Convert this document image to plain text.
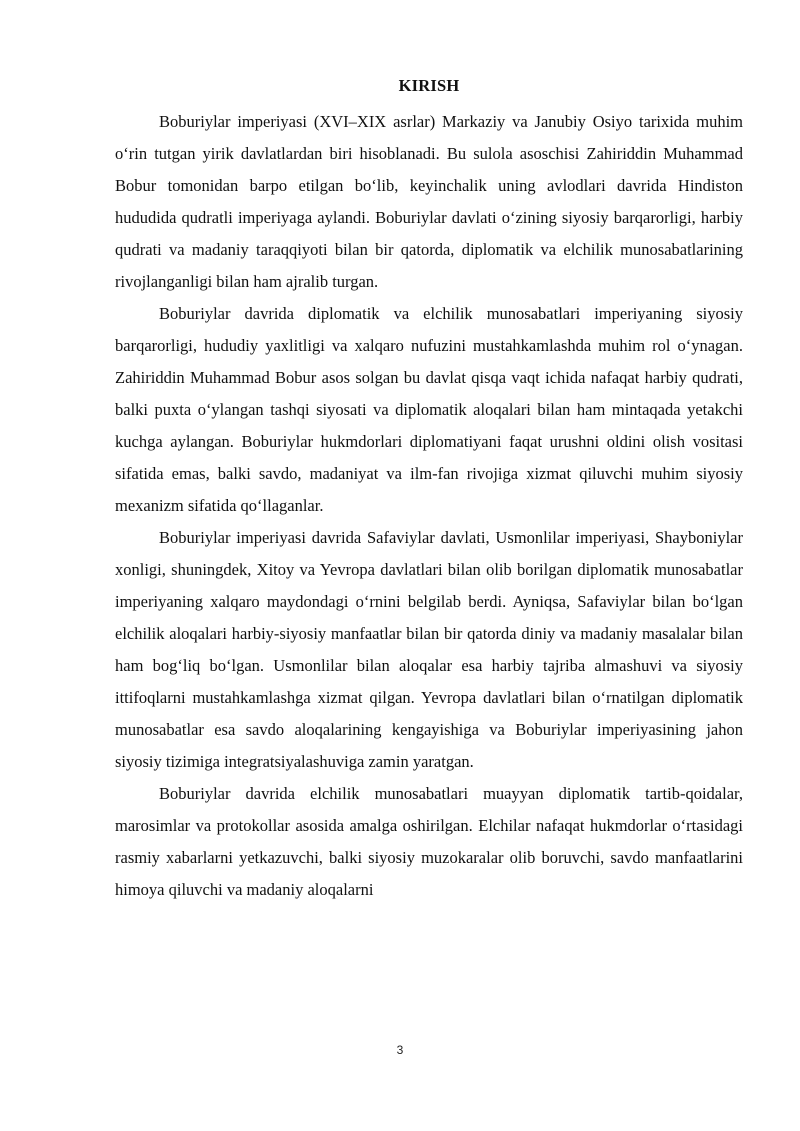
KIRISH

Boburiylar imperiyasi (XVI–XIX asrlar) Markaziy va Janubiy Osiyo tarixida muhim oʻrin tutgan yirik davlatlardan biri hisoblanadi. Bu sulola asoschisi Zahiriddin Muhammad Bobur tomonidan barpo etilgan boʻlib, keyinchalik uning avlodlari davrida Hindiston hududida qudratli imperiyaga aylandi. Boburiylar davlati oʻzining siyosiy barqarorligi, harbiy qudrati va madaniy taraqqiyoti bilan bir qatorda, diplomatik va elchilik munosabatlarining rivojlanganligi bilan ham ajralib turgan.

Boburiylar davrida diplomatik va elchilik munosabatlari imperiyaning siyosiy barqarorligi, hududiy yaxlitligi va xalqaro nufuzini mustahkamlashda muhim rol oʻynagan. Zahiriddin Muhammad Bobur asos solgan bu davlat qisqa vaqt ichida nafaqat harbiy qudrati, balki puxta oʻylangan tashqi siyosati va diplomatik aloqalari bilan ham mintaqada yetakchi kuchga aylangan. Boburiylar hukmdorlari diplomatiyani faqat urushni oldini olish vositasi sifatida emas, balki savdo, madaniyat va ilm-fan rivojiga xizmat qiluvchi muhim siyosiy mexanizm sifatida qoʻllaganlar.

Boburiylar imperiyasi davrida Safaviylar davlati, Usmonlilar imperiyasi, Shayboniylar xonligi, shuningdek, Xitoy va Yevropa davlatlari bilan olib borilgan diplomatik munosabatlar imperiyaning xalqaro maydondagi oʻrnini belgilab berdi. Ayniqsa, Safaviylar bilan boʻlgan elchilik aloqalari harbiy-siyosiy manfaatlar bilan bir qatorda diniy va madaniy masalalar bilan ham bogʻliq boʻlgan. Usmonlilar bilan aloqalar esa harbiy tajriba almashuvi va siyosiy ittifoqlarni mustahkamlashga xizmat qilgan. Yevropa davlatlari bilan oʻrnatilgan diplomatik munosabatlar esa savdo aloqalarining kengayishiga va Boburiylar imperiyasining jahon siyosiy tizimiga integratsiyalashuviga zamin yaratgan.

Boburiylar davrida elchilik munosabatlari muayyan diplomatik tartib-qoidalar, marosimlar va protokollar asosida amalga oshirilgan. Elchilar nafaqat hukmdorlar oʻrtasidagi rasmiy xabarlarni yetkazuvchi, balki siyosiy muzokaralar olib boruvchi, savdo manfaatlarini himoya qiluvchi va madaniy aloqalarni

3
